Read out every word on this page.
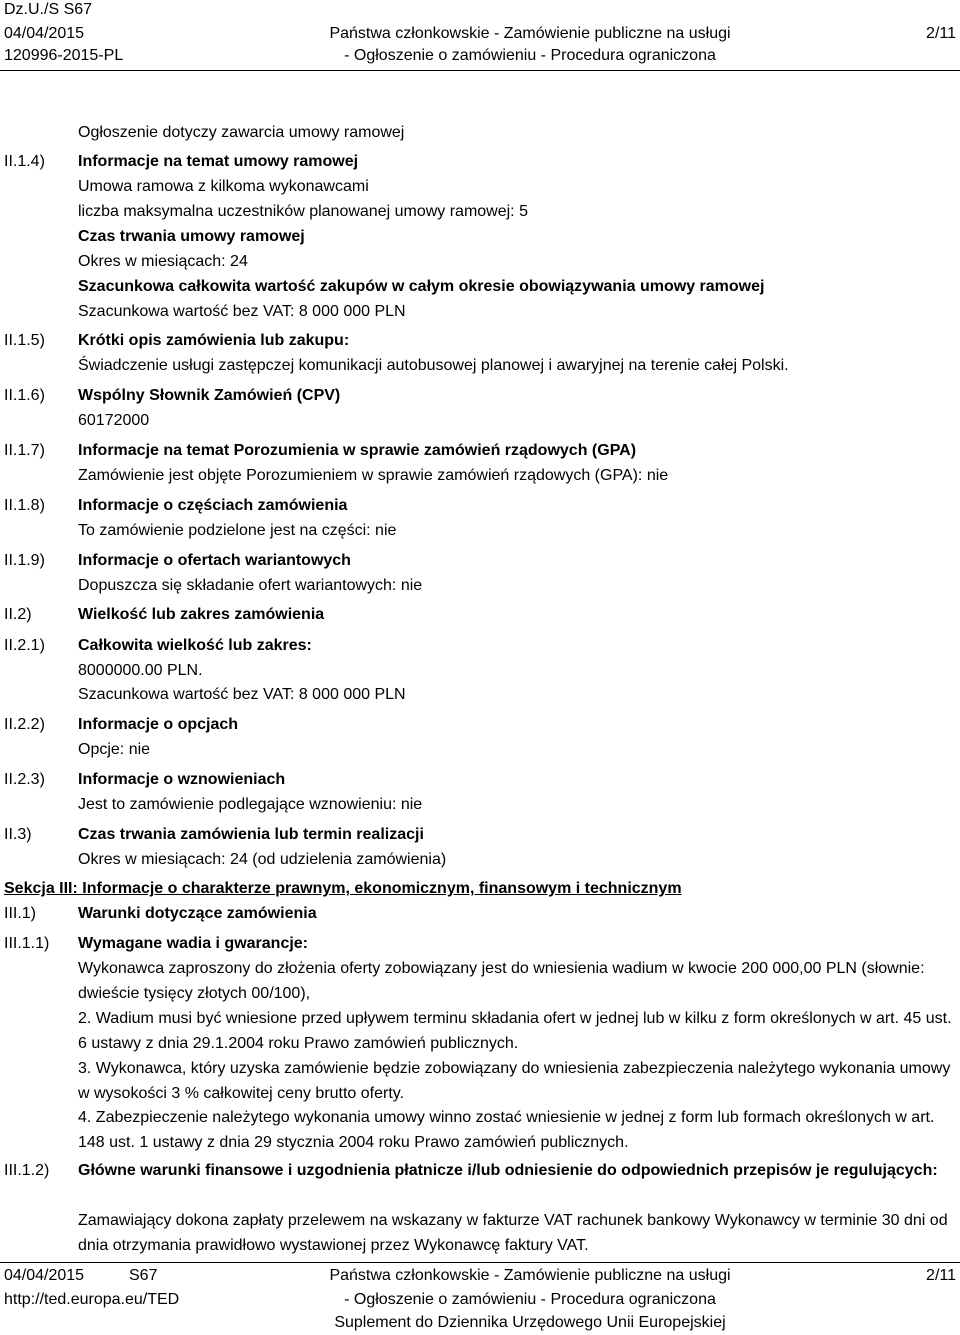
Dz.U./S S67
04/04/2015
120996-2015-PL
Państwa członkowskie - Zamówienie publiczne na usługi
- Ogłoszenie o zamówieniu - Procedura ograniczona
2/11
II.1.4)
Ogłoszenie dotyczy zawarcia umowy ramowej
Informacje na temat umowy ramowej
Umowa ramowa z kilkoma wykonawcami
liczba maksymalna uczestników planowanej umowy ramowej: 5
Czas trwania umowy ramowej
Okres w miesiącach: 24
Szacunkowa całkowita wartość zakupów w całym okresie obowiązywania umowy ramowej
Szacunkowa wartość bez VAT: 8 000 000 PLN
II.1.5) Krótki opis zamówienia lub zakupu:
Świadczenie usługi zastępczej komunikacji autobusowej planowej i awaryjnej na terenie całej Polski.
II.1.6) Wspólny Słownik Zamówień (CPV)
60172000
II.1.7) Informacje na temat Porozumienia w sprawie zamówień rządowych (GPA)
Zamówienie jest objęte Porozumieniem w sprawie zamówień rządowych (GPA): nie
II.1.8) Informacje o częściach zamówienia
To zamówienie podzielone jest na części: nie
II.1.9) Informacje o ofertach wariantowych
Dopuszcza się składanie ofert wariantowych: nie
II.2)	Wielkość lub zakres zamówienia
II.2.1) Całkowita wielkość lub zakres:
8000000.00 PLN.
Szacunkowa wartość bez VAT: 8 000 000 PLN
II.2.2) Informacje o opcjach
Opcje: nie
II.2.3) Informacje o wznowieniach
Jest to zamówienie podlegające wznowieniu: nie
II.3)	Czas trwania zamówienia lub termin realizacji
Okres w miesiącach: 24 (od udzielenia zamówienia)
Sekcja III: Informacje o charakterze prawnym, ekonomicznym, finansowym i technicznym
III.1)	Warunki dotyczące zamówienia
III.1.1) Wymagane wadia i gwarancje:
Wykonawca zaproszony do złożenia oferty zobowiązany jest do wniesienia wadium w kwocie 200 000,00 PLN (słownie: dwieście tysięcy złotych 00/100),
2. Wadium musi być wniesione przed upływem terminu składania ofert w jednej lub w kilku z form określonych w art. 45 ust. 6 ustawy z dnia 29.1.2004 roku Prawo zamówień publicznych.
3. Wykonawca, który uzyska zamówienie będzie zobowiązany do wniesienia zabezpieczenia należytego wykonania umowy w wysokości 3 % całkowitej ceny brutto oferty.
4. Zabezpieczenie należytego wykonania umowy winno zostać wniesienie w jednej z form lub formach określonych w art. 148 ust. 1 ustawy z dnia 29 stycznia 2004 roku Prawo zamówień publicznych.
III.1.2) Główne warunki finansowe i uzgodnienia płatnicze i/lub odniesienie do odpowiednich przepisów je regulujących:
Zamawiający dokona zapłaty przelewem na wskazany w fakturze VAT rachunek bankowy Wykonawcy w terminie 30 dni od dnia otrzymania prawidłowo wystawionej przez Wykonawcę faktury VAT.
04/04/2015	S67
http://ted.europa.eu/TED
Państwa członkowskie - Zamówienie publiczne na usługi
- Ogłoszenie o zamówieniu - Procedura ograniczona
Suplement do Dziennika Urzędowego Unii Europejskiej
2/11
